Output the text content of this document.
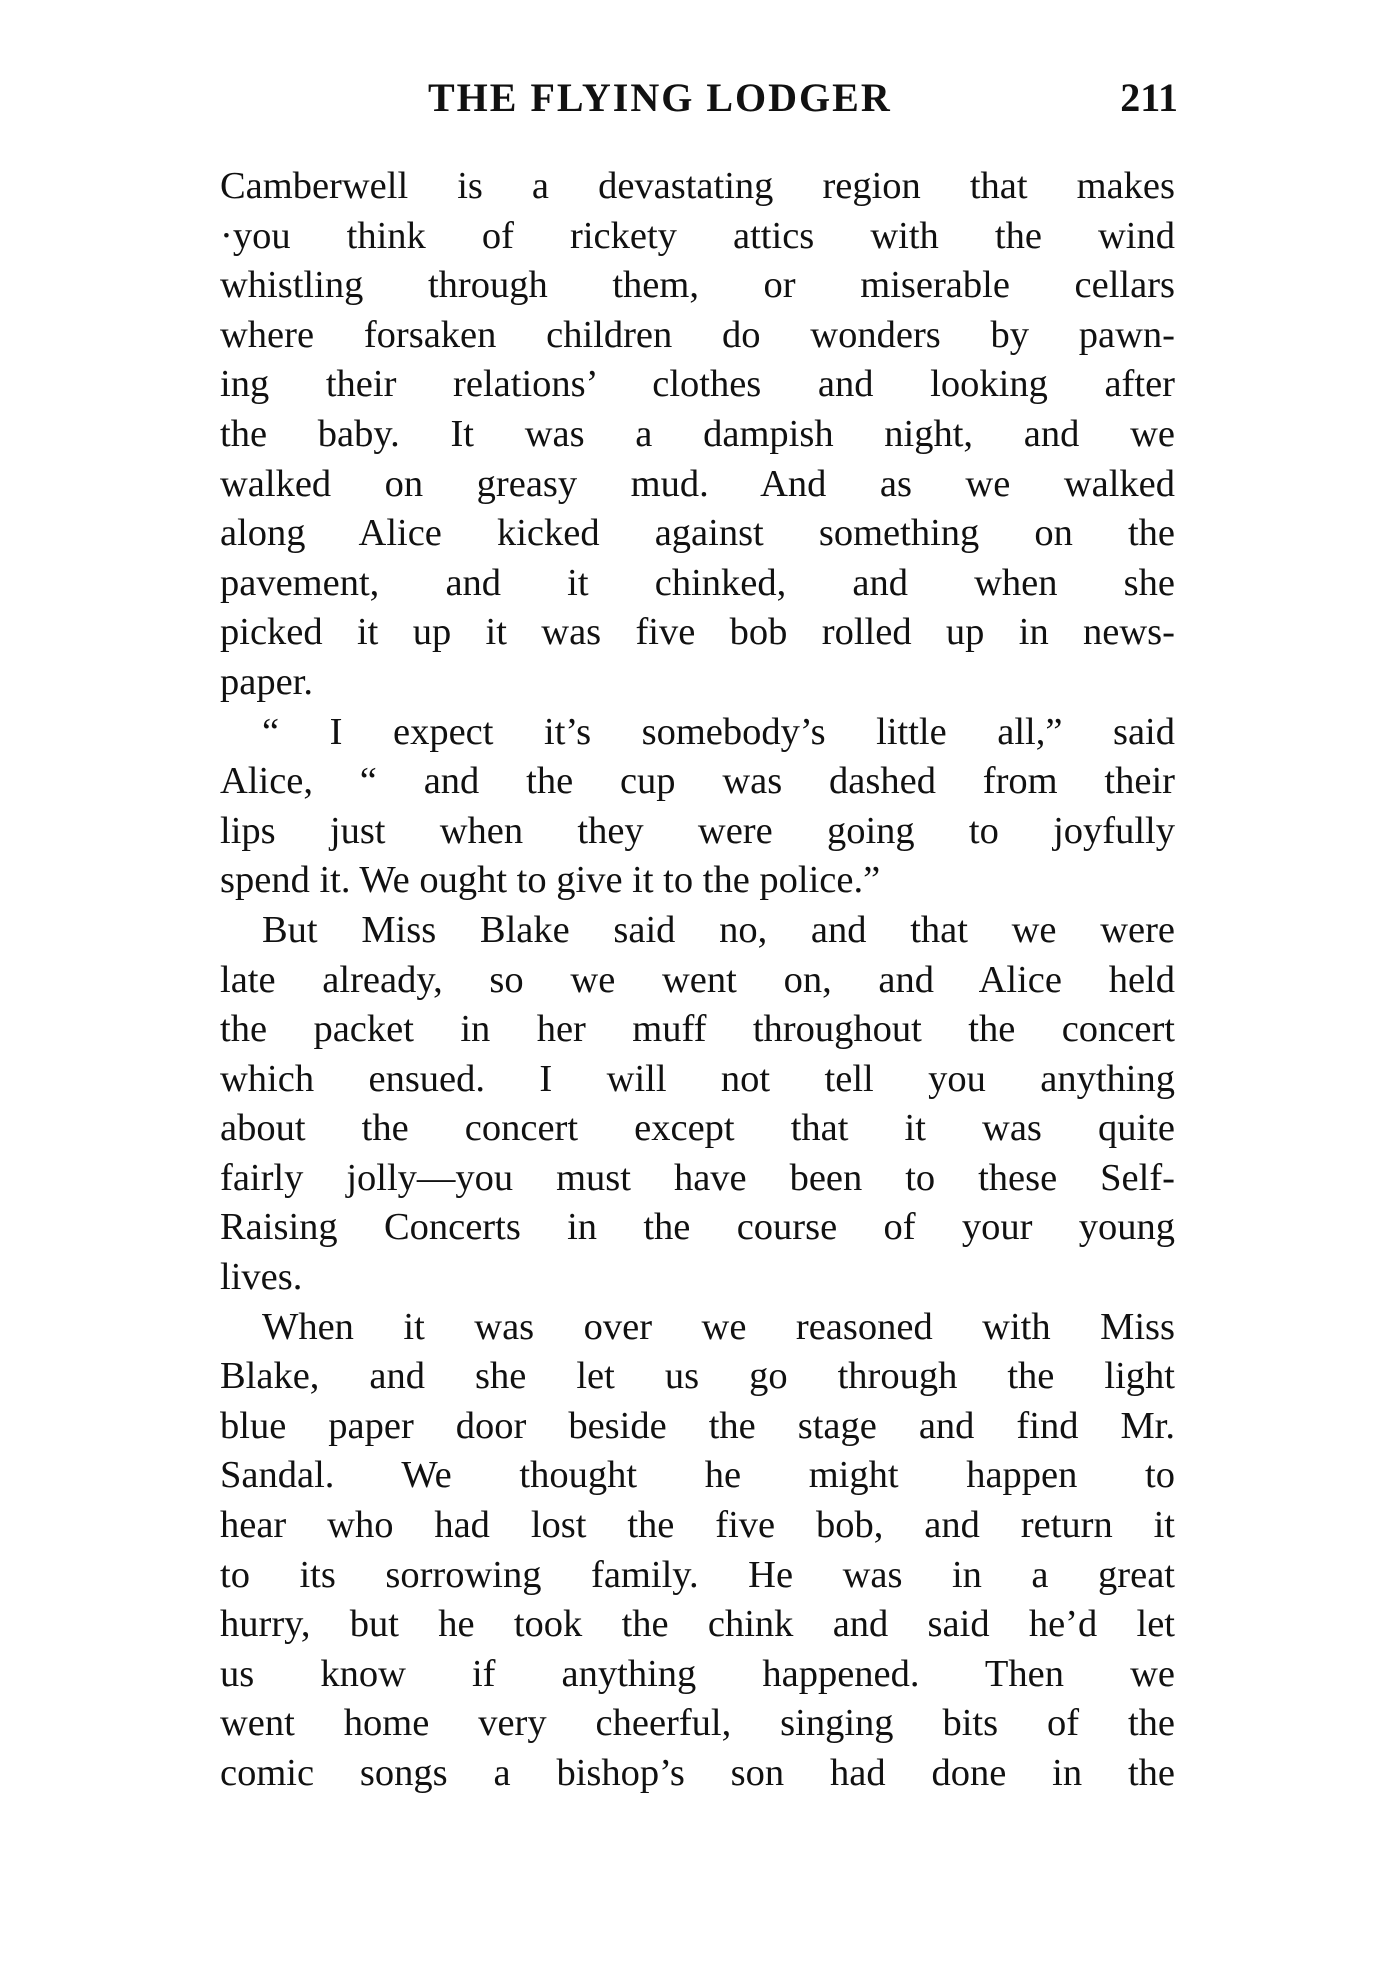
THE FLYING LODGER	211
Camberwell is a devastating region that makes
·you think of rickety attics with the wind
whistling through them, or miserable cellars
where forsaken children do wonders by pawn-
ing their relations’ clothes and looking after
the baby. It was a dampish night, and we
walked on greasy mud. And as we walked
along Alice kicked against something on the
pavement, and it chinked, and when she
picked it up it was five bob rolled up in news-
paper.
“ I expect it’s somebody’s little all,” said
Alice, “ and the cup was dashed from their
lips just when they were going to joyfully
spend it. We ought to give it to the police.”
But Miss Blake said no, and that we were
late already, so we went on, and Alice held
the packet in her muff throughout the concert
which ensued. I will not tell you anything
about the concert except that it was quite
fairly jolly—you must have been to these Self-
Raising Concerts in the course of your young
lives.
When it was over we reasoned with Miss
Blake, and she let us go through the light
blue paper door beside the stage and find Mr.
Sandal. We thought he might happen to
hear who had lost the five bob, and return it
to its sorrowing family. He was in a great
hurry, but he took the chink and said he’d let
us know if anything happened. Then we
went home very cheerful, singing bits of the
comic songs a bishop’s son had done in the
